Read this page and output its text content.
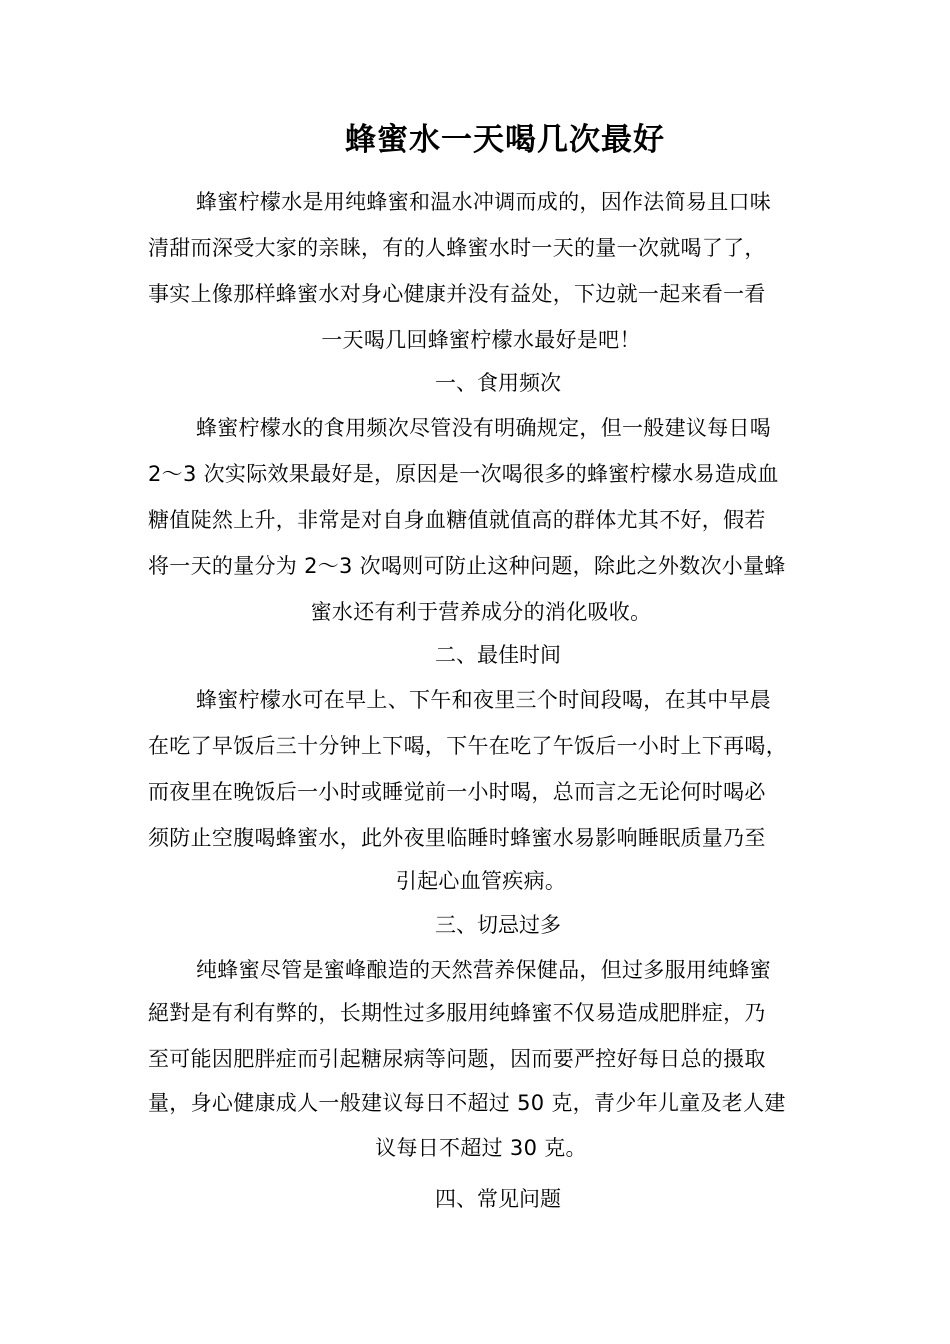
蜂蜜水一天喝几次最好
蜂蜜柠檬水是用纯蜂蜜和温水冲调而成的，因作法简易且口味
清甜而深受大家的亲睐，有的人蜂蜜水时一天的量一次就喝了了，
事实上像那样蜂蜜水对身心健康并没有益处，下边就一起来看一看
一天喝几回蜂蜜柠檬水最好是吧！
一、食用频次
蜂蜜柠檬水的食用频次尽管没有明确规定，但一般建议每日喝
2～3 次实际效果最好是，原因是一次喝很多的蜂蜜柠檬水易造成血
糖值陡然上升，非常是对自身血糖值就值高的群体尤其不好，假若
将一天的量分为 2～3 次喝则可防止这种问题，除此之外数次小量蜂
蜜水还有利于营养成分的消化吸收。
二、最佳时间
蜂蜜柠檬水可在早上、下午和夜里三个时间段喝，在其中早晨
在吃了早饭后三十分钟上下喝，下午在吃了午饭后一小时上下再喝，
而夜里在晚饭后一小时或睡觉前一小时喝，总而言之无论何时喝必
须防止空腹喝蜂蜜水，此外夜里临睡时蜂蜜水易影响睡眠质量乃至
引起心血管疾病。
三、切忌过多
纯蜂蜜尽管是蜜峰酿造的天然营养保健品，但过多服用纯蜂蜜
絕對是有利有弊的，长期性过多服用纯蜂蜜不仅易造成肥胖症，乃
至可能因肥胖症而引起糖尿病等问题，因而要严控好每日总的摄取
量，身心健康成人一般建议每日不超过 50 克，青少年儿童及老人建
议每日不超过 30 克。
四、常见问题
